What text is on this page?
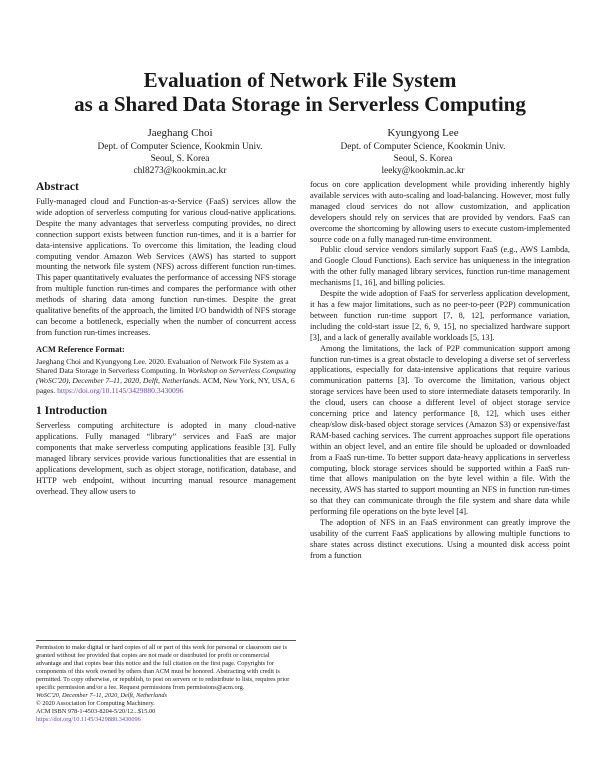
Evaluation of Network File System
as a Shared Data Storage in Serverless Computing
Jaeghang Choi
Dept. of Computer Science, Kookmin Univ.
Seoul, S. Korea
chl8273@kookmin.ac.kr
Kyungyong Lee
Dept. of Computer Science, Kookmin Univ.
Seoul, S. Korea
leeky@kookmin.ac.kr
Abstract

Fully-managed cloud and Function-as-a-Service (FaaS) services allow the wide adoption of serverless computing for various cloud-native applications. Despite the many advantages that serverless computing provides, no direct connection support exists between function run-times, and it is a barrier for data-intensive applications. To overcome this limitation, the leading cloud computing vendor Amazon Web Services (AWS) has started to support mounting the network file system (NFS) across different function run-times. This paper quantitatively evaluates the performance of accessing NFS storage from multiple function run-times and compares the performance with other methods of sharing data among function run-times. Despite the great qualitative benefits of the approach, the limited I/O bandwidth of NFS storage can become a bottleneck, especially when the number of concurrent access from function run-times increases.

ACM Reference Format:

Jaeghang Choi and Kyungyong Lee. 2020. Evaluation of Network File System as a Shared Data Storage in Serverless Computing. In Workshop on Serverless Computing (WoSC'20), December 7–11, 2020, Delft, Netherlands. ACM, New York, NY, USA, 6 pages. https://doi.org/10.1145/3429880.3430096

1 Introduction

Serverless computing architecture is adopted in many cloud-native applications. Fully managed “library” services and FaaS are major components that make serverless computing applications feasible [3]. Fully managed library services provide various functionalities that are essential in applications development, such as object storage, notification, database, and HTTP web endpoint, without incurring manual resource management overhead. They allow users to

Permission to make digital or hard copies of all or part of this work for personal or classroom use is granted without fee provided that copies are not made or distributed for profit or commercial advantage and that copies bear this notice and the full citation on the first page. Copyrights for components of this work owned by others than ACM must be honored. Abstracting with credit is permitted. To copy otherwise, or republish, to post on servers or to redistribute to lists, requires prior specific permission and/or a fee. Request permissions from permissions@acm.org.

WoSC'20, December 7–11, 2020, Delft, Netherlands

© 2020 Association for Computing Machinery.

ACM ISBN 978-1-4503-8204-5/20/12...$15.00

https://doi.org/10.1145/3429880.3430096

focus on core application development while providing inherently highly available services with auto-scaling and load-balancing. However, most fully managed cloud services do not allow customization, and application developers should rely on services that are provided by vendors. FaaS can overcome the shortcoming by allowing users to execute custom-implemented source code on a fully managed run-time environment.

Public cloud service vendors similarly support FaaS (e.g., AWS Lambda, and Google Cloud Functions). Each service has uniqueness in the integration with the other fully managed library services, function run-time management mechanisms [1, 16], and billing policies.

Despite the wide adoption of FaaS for serverless application development, it has a few major limitations, such as no peer-to-peer (P2P) communication between function run-time support [7, 8, 12], performance variation, including the cold-start issue [2, 6, 9, 15], no specialized hardware support [3], and a lack of generally available workloads [5, 13].

Among the limitations, the lack of P2P communication support among function run-times is a great obstacle to developing a diverse set of serverless applications, especially for data-intensive applications that require various communication patterns [3]. To overcome the limitation, various object storage services have been used to store intermediate datasets temporarily. In the cloud, users can choose a different level of object storage service concerning price and latency performance [8, 12], which uses either cheap/slow disk-based object storage services (Amazon S3) or expensive/fast RAM-based caching services. The current approaches support file operations within an object level, and an entire file should be uploaded or downloaded from a FaaS run-time. To better support data-heavy applications in serverless computing, block storage services should be supported within a FaaS run-time that allows manipulation on the byte level within a file. With the necessity, AWS has started to support mounting an NFS in function run-times so that they can communicate through the file system and share data while performing file operations on the byte level [4].

The adoption of NFS in an FaaS environment can greatly improve the usability of the current FaaS applications by allowing multiple functions to share states across distinct executions. Using a mounted disk access point from a function
